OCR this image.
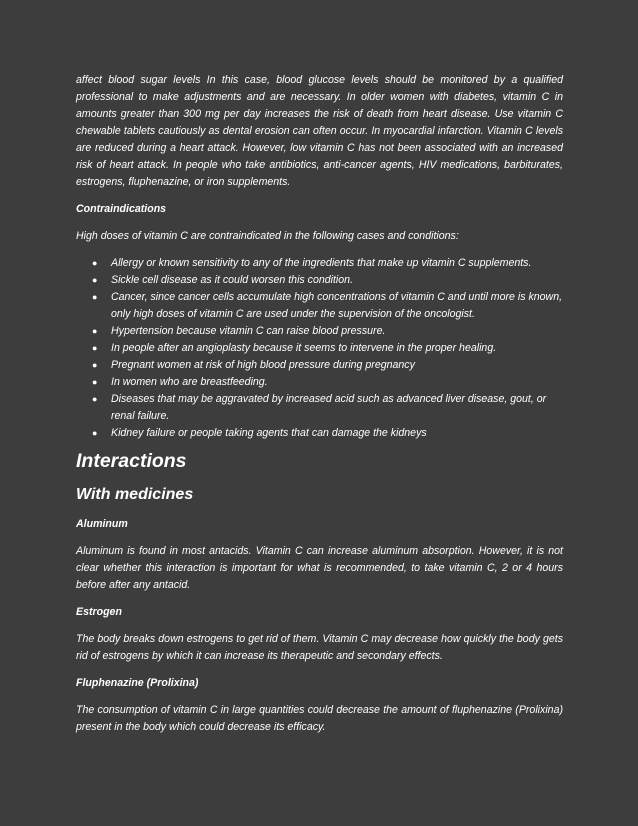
affect blood sugar levels In this case, blood glucose levels should be monitored by a qualified professional to make adjustments and are necessary. In older women with diabetes, vitamin C in amounts greater than 300 mg per day increases the risk of death from heart disease. Use vitamin C chewable tablets cautiously as dental erosion can often occur. In myocardial infarction. Vitamin C levels are reduced during a heart attack. However, low vitamin C has not been associated with an increased risk of heart attack. In people who take antibiotics, anti-cancer agents, HIV medications, barbiturates, estrogens, fluphenazine, or iron supplements.

Contraindications

High doses of vitamin C are contraindicated in the following cases and conditions:

● Allergy or known sensitivity to any of the ingredients that make up vitamin C supplements.
● Sickle cell disease as it could worsen this condition.
● Cancer, since cancer cells accumulate high concentrations of vitamin C and until more is known, only high doses of vitamin C are used under the supervision of the oncologist.
● Hypertension because vitamin C can raise blood pressure.
● In people after an angioplasty because it seems to intervene in the proper healing.
● Pregnant women at risk of high blood pressure during pregnancy
● In women who are breastfeeding.
● Diseases that may be aggravated by increased acid such as advanced liver disease, gout, or renal failure.
● Kidney failure or people taking agents that can damage the kidneys
Interactions
With medicines

Aluminum

Aluminum is found in most antacids. Vitamin C can increase aluminum absorption. However, it is not clear whether this interaction is important for what is recommended, to take vitamin C, 2 or 4 hours before after any antacid.

Estrogen

The body breaks down estrogens to get rid of them. Vitamin C may decrease how quickly the body gets rid of estrogens by which it can increase its therapeutic and secondary effects.

Fluphenazine (Prolixina)

The consumption of vitamin C in large quantities could decrease the amount of fluphenazine (Prolixina) present in the body which could decrease its efficacy.
